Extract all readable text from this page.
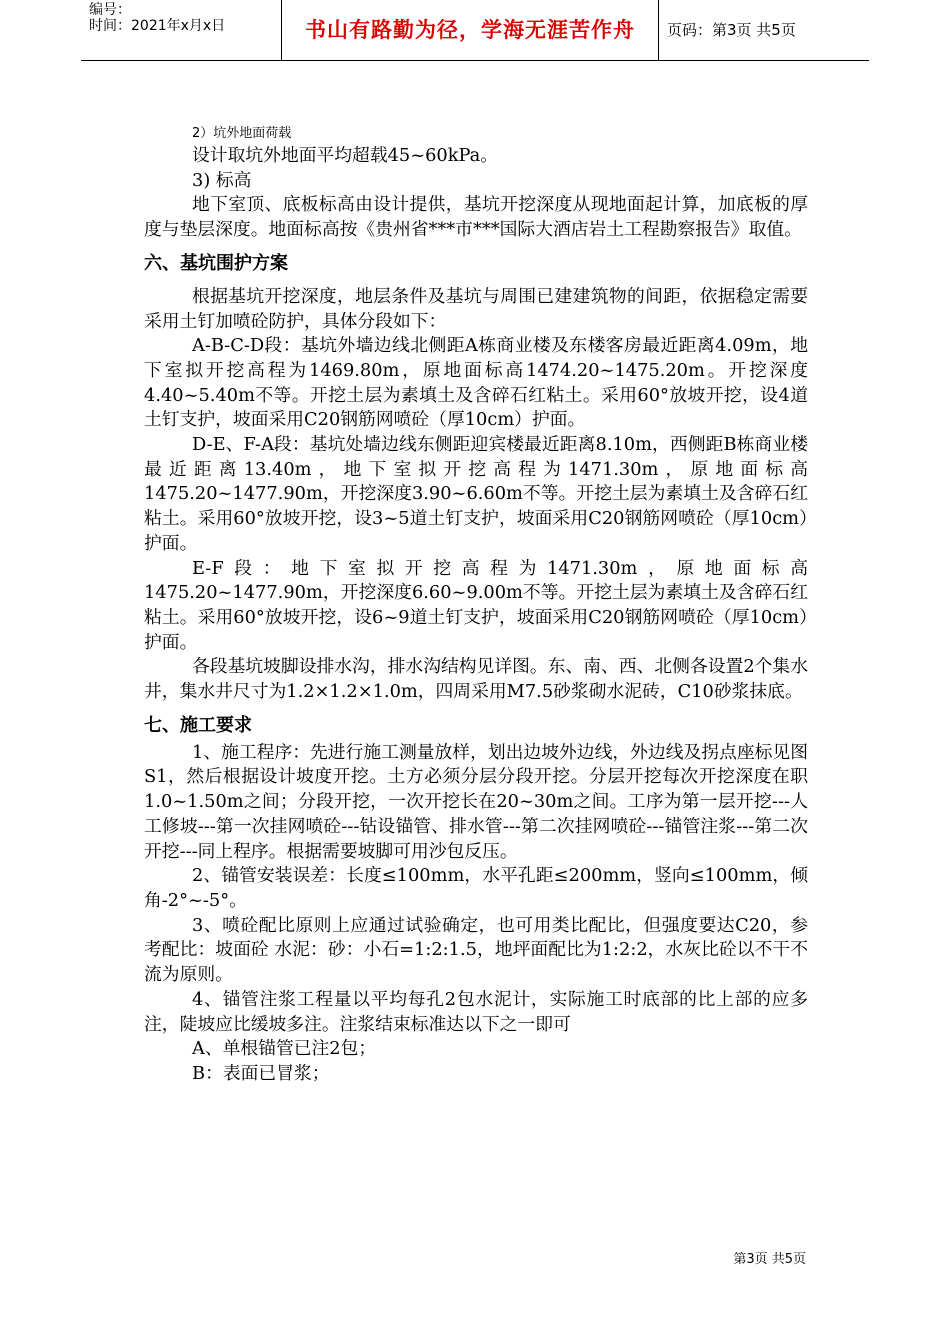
编号：
时间：2021年x月x日	书山有路勤为径，学海无涯苦作舟	页码：第3页 共5页
2）坑外地面荷载
设计取坑外地面平均超载45~60kPa。
3) 标高
地下室顶、底板标高由设计提供，基坑开挖深度从现地面起计算，加底板的厚度与垫层深度。地面标高按《贵州省***市***国际大酒店岩土工程勘察报告》取值。
六、基坑围护方案
根据基坑开挖深度，地层条件及基坑与周围已建建筑物的间距，依据稳定需要采用土钉加喷砼防护，具体分段如下：
A-B-C-D段：基坑外墙边线北侧距A栋商业楼及东楼客房最近距离4.09m，地下室拟开挖高程为1469.80m，原地面标高1474.20~1475.20m。开挖深度4.40~5.40m不等。开挖土层为素填土及含碎石红粘土。采用60°放坡开挖，设4道土钉支护，坡面采用C20钢筋网喷砼（厚10cm）护面。
D-E、F-A段：基坑处墙边线东侧距迎宾楼最近距离8.10m，西侧距B栋商业楼最近距离13.40m，地下室拟开挖高程为1471.30m，原地面标高1475.20~1477.90m，开挖深度3.90~6.60m不等。开挖土层为素填土及含碎石红粘土。采用60°放坡开挖，设3~5道土钉支护，坡面采用C20钢筋网喷砼（厚10cm）护面。
E-F段：地下室拟开挖高程为1471.30m，原地面标高1475.20~1477.90m，开挖深度6.60~9.00m不等。开挖土层为素填土及含碎石红粘土。采用60°放坡开挖，设6~9道土钉支护，坡面采用C20钢筋网喷砼（厚10cm）护面。
各段基坑坡脚设排水沟，排水沟结构见详图。东、南、西、北侧各设置2个集水井，集水井尺寸为1.2×1.2×1.0m，四周采用M7.5砂浆砌水泥砖，C10砂浆抹底。
七、施工要求
1、施工程序：先进行施工测量放样，划出边坡外边线，外边线及拐点座标见图S1，然后根据设计坡度开挖。土方必须分层分段开挖。分层开挖每次开挖深度在职1.0~1.50m之间；分段开挖，一次开挖长在20~30m之间。工序为第一层开挖---人工修坡---第一次挂网喷砼---钻设锚管、排水管---第二次挂网喷砼---锚管注浆---第二次开挖---同上程序。根据需要坡脚可用沙包反压。
2、锚管安装误差：长度≤100mm，水平孔距≤200mm，竖向≤100mm，倾角-2°~-5°。
3、喷砼配比原则上应通过试验确定，也可用类比配比，但强度要达C20，参考配比：坡面砼 水泥：砂：小石=1:2:1.5，地坪面配比为1:2:2，水灰比砼以不干不流为原则。
4、锚管注浆工程量以平均每孔2包水泥计，实际施工时底部的比上部的应多注，陡坡应比缓坡多注。注浆结束标准达以下之一即可
A、单根锚管已注2包；
B：表面已冒浆；
第3页 共5页
